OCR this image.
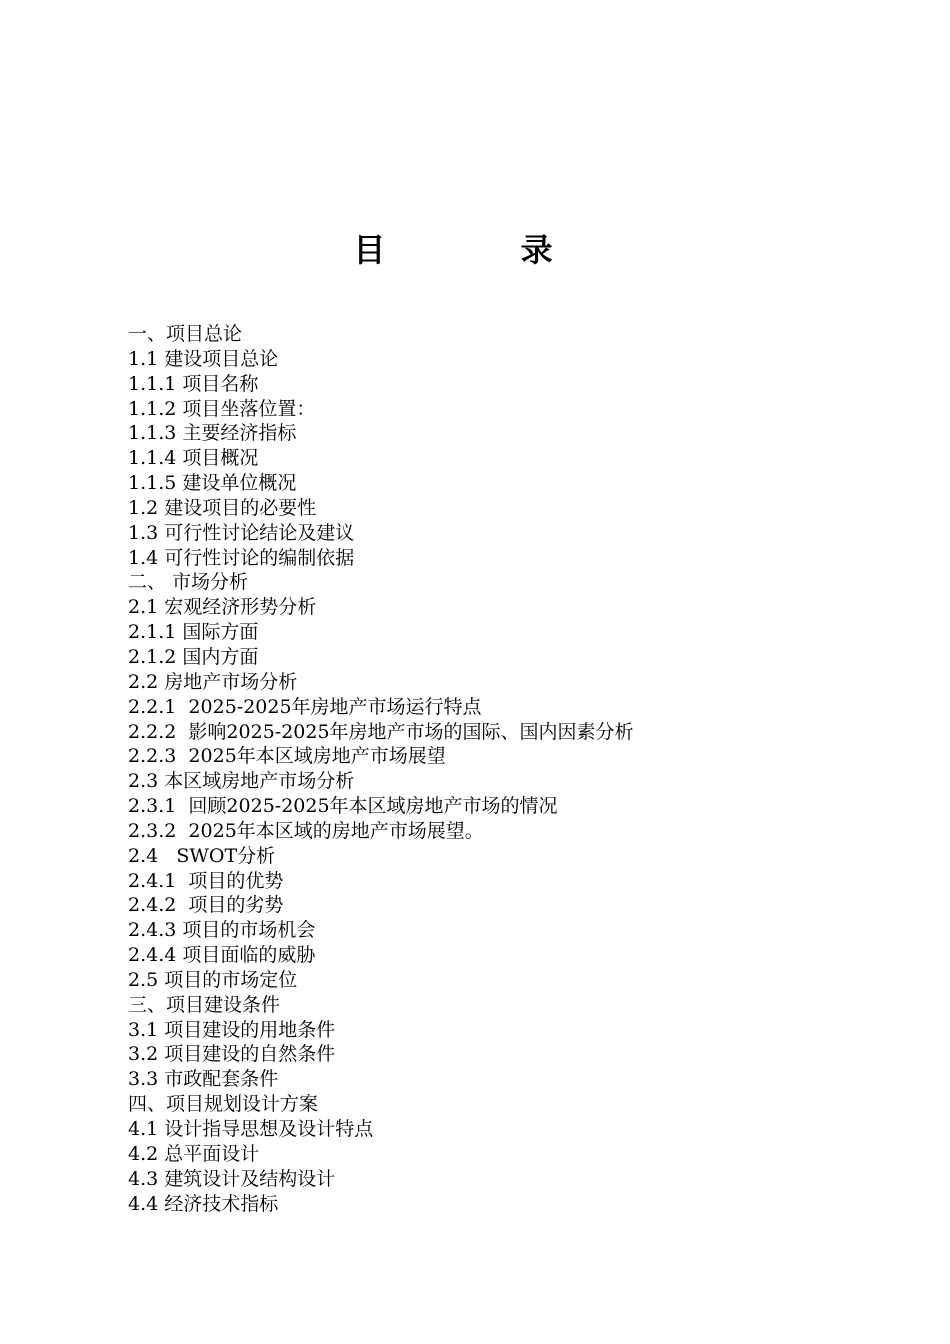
目 录
一、项目总论
1.1 建设项目总论
1.1.1 项目名称
1.1.2 项目坐落位置：
1.1.3 主要经济指标
1.1.4 项目概况
1.1.5 建设单位概况
1.2 建设项目的必要性
1.3 可行性讨论结论及建议
1.4 可行性讨论的编制依据
二、 市场分析
2.1 宏观经济形势分析
2.1.1 国际方面
2.1.2 国内方面
2.2 房地产市场分析
2.2.1  2025-2025年房地产市场运行特点
2.2.2  影响2025-2025年房地产市场的国际、国内因素分析
2.2.3  2025年本区域房地产市场展望
2.3 本区域房地产市场分析
2.3.1  回顾2025-2025年本区域房地产市场的情况
2.3.2  2025年本区域的房地产市场展望。
2.4   SWOT分析
2.4.1  项目的优势
2.4.2  项目的劣势
2.4.3 项目的市场机会
2.4.4 项目面临的威胁
2.5 项目的市场定位
三、项目建设条件
3.1 项目建设的用地条件
3.2 项目建设的自然条件
3.3 市政配套条件
四、项目规划设计方案
4.1 设计指导思想及设计特点
4.2 总平面设计
4.3 建筑设计及结构设计
4.4 经济技术指标
